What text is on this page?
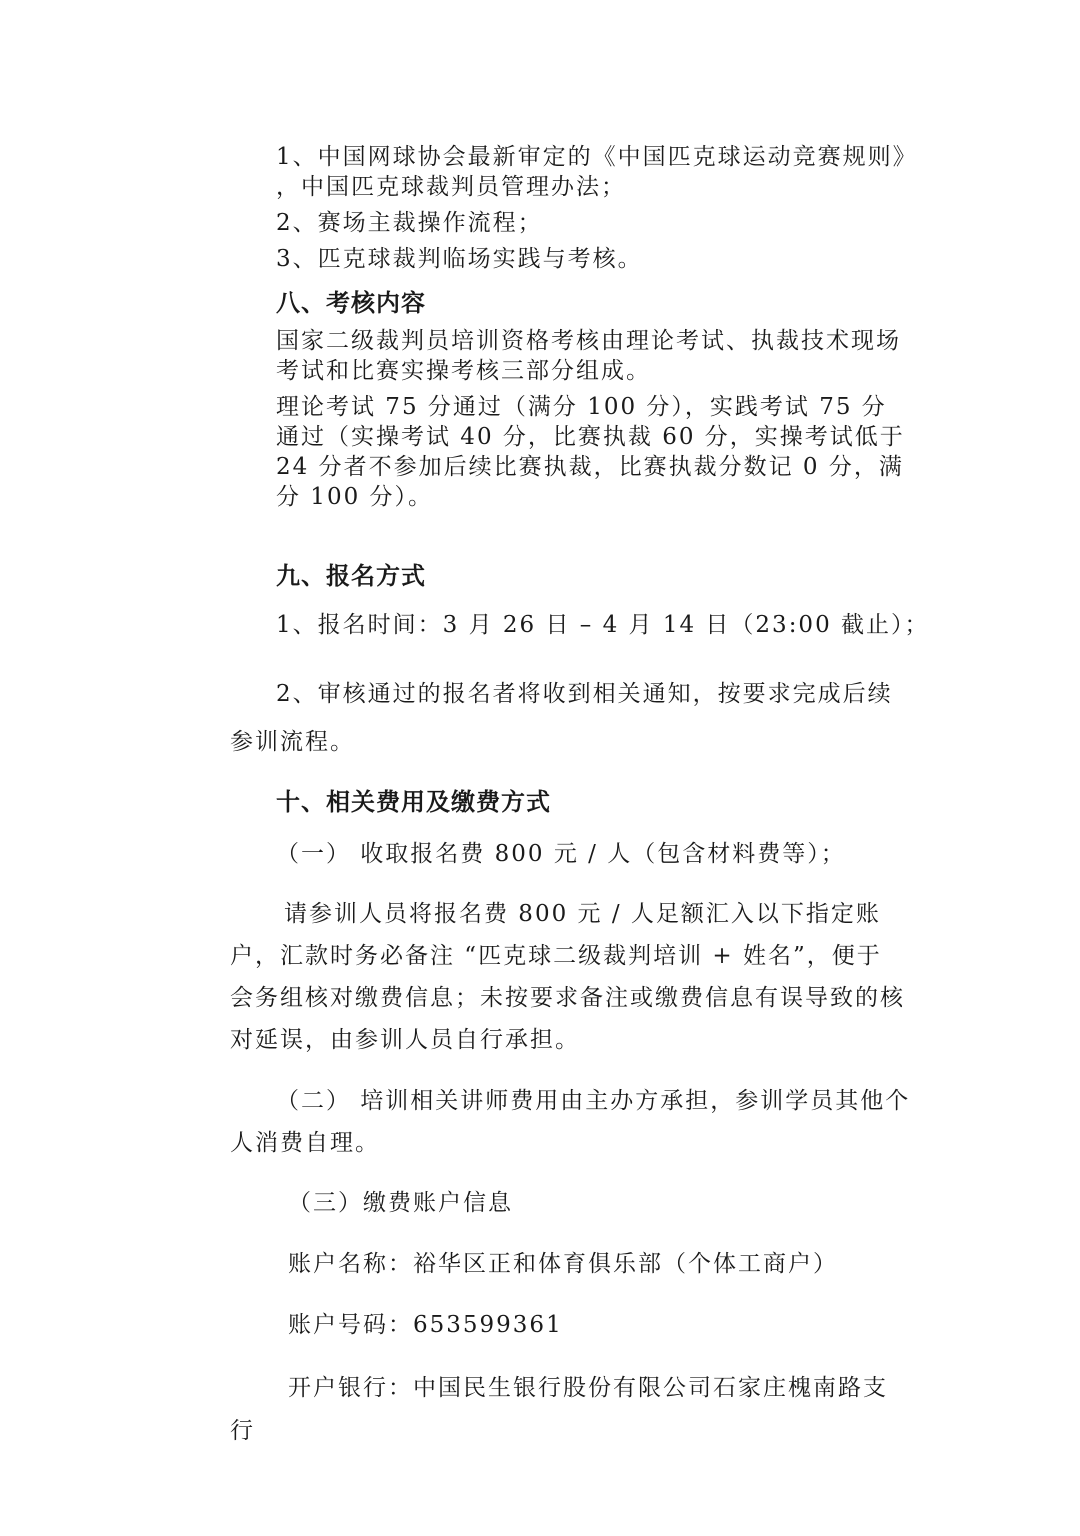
1、中国网球协会最新审定的《中国匹克球运动竞赛规则》
，中国匹克球裁判员管理办法；
2、赛场主裁操作流程；
3、匹克球裁判临场实践与考核。
八、考核内容
国家二级裁判员培训资格考核由理论考试、执裁技术现场
考试和比赛实操考核三部分组成。
理论考试 75 分通过（满分 100 分），实践考试 75 分
通过（实操考试 40 分，比赛执裁 60 分，实操考试低于
24 分者不参加后续比赛执裁，比赛执裁分数记 0 分，满
分 100 分）。
九、报名方式
1、报名时间：3 月 26 日 – 4 月 14 日（23:00 截止）；
2、审核通过的报名者将收到相关通知，按要求完成后续
参训流程。
十、相关费用及缴费方式
（一） 收取报名费 800 元 / 人（包含材料费等）；
请参训人员将报名费 800 元 / 人足额汇入以下指定账
户，汇款时务必备注 “匹克球二级裁判培训 + 姓名”，便于
会务组核对缴费信息；未按要求备注或缴费信息有误导致的核
对延误，由参训人员自行承担。
（二） 培训相关讲师费用由主办方承担，参训学员其他个
人消费自理。
（三）缴费账户信息
账户名称：裕华区正和体育俱乐部（个体工商户）
账户号码：653599361
开户银行：中国民生银行股份有限公司石家庄槐南路支
行
